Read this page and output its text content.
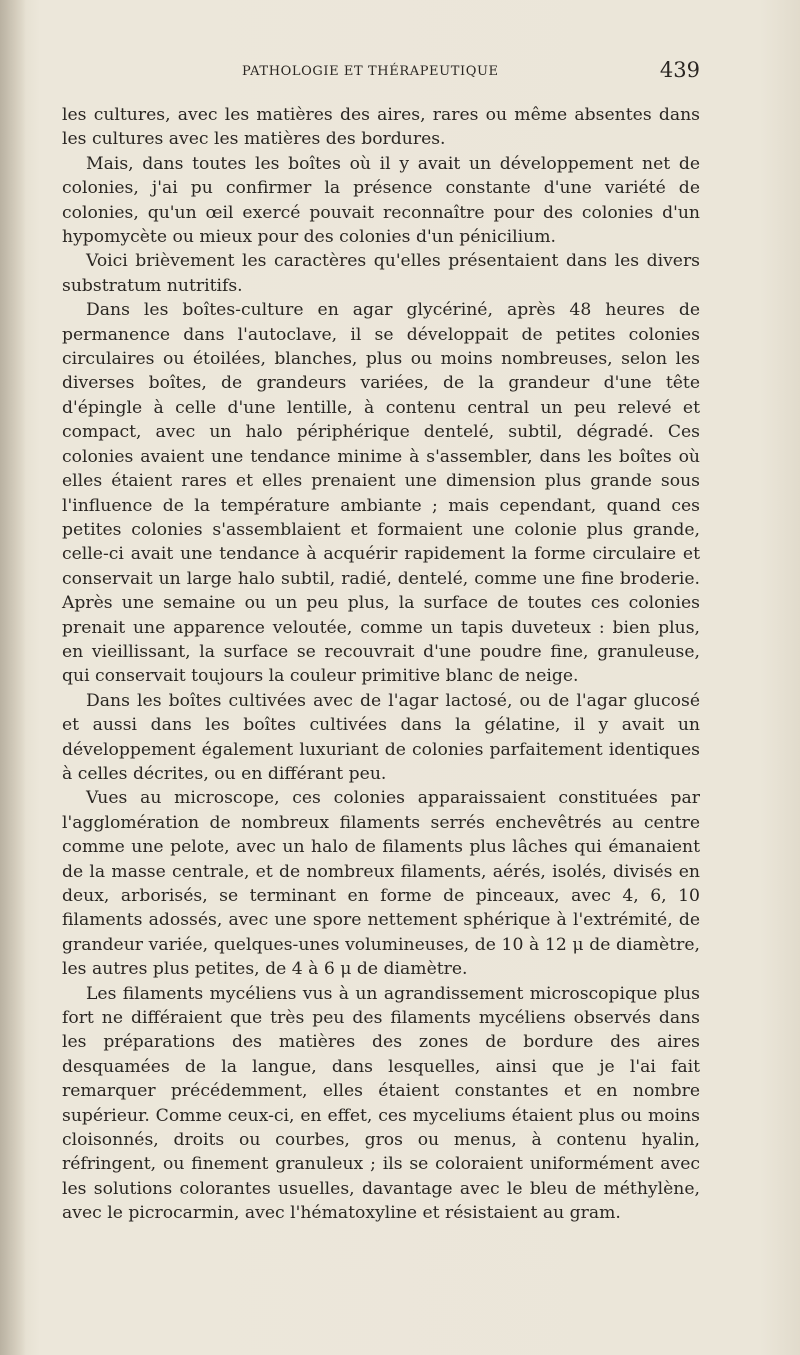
PATHOLOGIE ET THÉRAPEUTIQUE	439

les cultures, avec les matières des aires, rares ou même absentes dans les cultures avec les matières des bordures.

Mais, dans toutes les boîtes où il y avait un développement net de colonies, j'ai pu confirmer la présence constante d'une variété de colonies, qu'un œil exercé pouvait reconnaître pour des colonies d'un hypomycète ou mieux pour des colonies d'un pénicilium.

Voici brièvement les caractères qu'elles présentaient dans les divers substratum nutritifs.

Dans les boîtes-culture en agar glycériné, après 48 heures de permanence dans l'autoclave, il se développait de petites colonies circulaires ou étoilées, blanches, plus ou moins nombreuses, selon les diverses boîtes, de grandeurs variées, de la grandeur d'une tête d'épingle à celle d'une lentille, à contenu central un peu relevé et compact, avec un halo périphérique dentelé, subtil, dégradé. Ces colonies avaient une tendance minime à s'assembler, dans les boîtes où elles étaient rares et elles prenaient une dimension plus grande sous l'influence de la température ambiante ; mais cependant, quand ces petites colonies s'assemblaient et formaient une colonie plus grande, celle-ci avait une tendance à acquérir rapidement la forme circulaire et conservait un large halo subtil, radié, dentelé, comme une fine broderie. Après une semaine ou un peu plus, la surface de toutes ces colonies prenait une apparence veloutée, comme un tapis duveteux : bien plus, en vieillissant, la surface se recouvrait d'une poudre fine, granuleuse, qui conservait toujours la couleur primitive blanc de neige.

Dans les boîtes cultivées avec de l'agar lactosé, ou de l'agar glucosé et aussi dans les boîtes cultivées dans la gélatine, il y avait un développement également luxuriant de colonies parfaitement identiques à celles décrites, ou en différant peu.

Vues au microscope, ces colonies apparaissaient constituées par l'agglomération de nombreux filaments serrés enchevêtrés au centre comme une pelote, avec un halo de filaments plus lâches qui émanaient de la masse centrale, et de nombreux filaments, aérés, isolés, divisés en deux, arborisés, se terminant en forme de pinceaux, avec 4, 6, 10 filaments adossés, avec une spore nettement sphérique à l'extrémité, de grandeur variée, quelques-unes volumineuses, de 10 à 12 μ de diamètre, les autres plus petites, de 4 à 6 μ de diamètre.

Les filaments mycéliens vus à un agrandissement microscopique plus fort ne différaient que très peu des filaments mycéliens observés dans les préparations des matières des zones de bordure des aires desquamées de la langue, dans lesquelles, ainsi que je l'ai fait remarquer précédemment, elles étaient constantes et en nombre supérieur. Comme ceux-ci, en effet, ces myceliums étaient plus ou moins cloisonnés, droits ou courbes, gros ou menus, à contenu hyalin, réfringent, ou finement granuleux ; ils se coloraient uniformément avec les solutions colorantes usuelles, davantage avec le bleu de méthylène, avec le picrocarmin, avec l'hématoxyline et résistaient au gram.
